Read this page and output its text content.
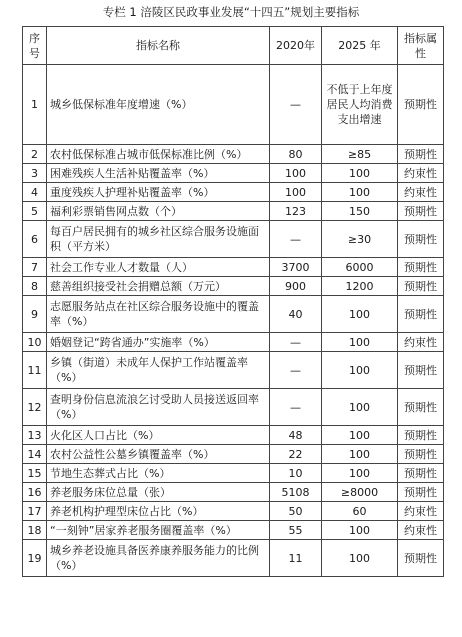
专栏 1 涪陵区民政事业发展“十四五”规划主要指标
序号	指标名称	2020年	2025 年	指标属性
1	城乡低保标准年度增速（%）	—	不低于上年度居民人均消费支出增速	预期性
2	农村低保标准占城市低保标准比例（%）	80	≥85	预期性
3	困难残疾人生活补贴覆盖率（%）	100	100	约束性
4	重度残疾人护理补贴覆盖率（%）	100	100	约束性
5	福利彩票销售网点数（个）	123	150	预期性
6	每百户居民拥有的城乡社区综合服务设施面积（平方米）	—	≥30	预期性
7	社会工作专业人才数量（人）	3700	6000	预期性
8	慈善组织接受社会捐赠总额（万元）	900	1200	预期性
9	志愿服务站点在社区综合服务设施中的覆盖率（%）	40	100	预期性
10	婚姻登记“跨省通办”实施率（%）	—	100	约束性
11	乡镇（街道）未成年人保护工作站覆盖率（%）	—	100	预期性
12	查明身份信息流浪乞讨受助人员接送返回率（%）	—	100	预期性
13	火化区人口占比（%）	48	100	预期性
14	农村公益性公墓乡镇覆盖率（%）	22	100	预期性
15	节地生态葬式占比（%）	10	100	预期性
16	养老服务床位总量（张）	5108	≥8000	预期性
17	养老机构护理型床位占比（%）	50	60	约束性
18	“一刻钟”居家养老服务圈覆盖率（%）	55	100	约束性
19	城乡养老设施具备医养康养服务能力的比例（%）	11	100	预期性
